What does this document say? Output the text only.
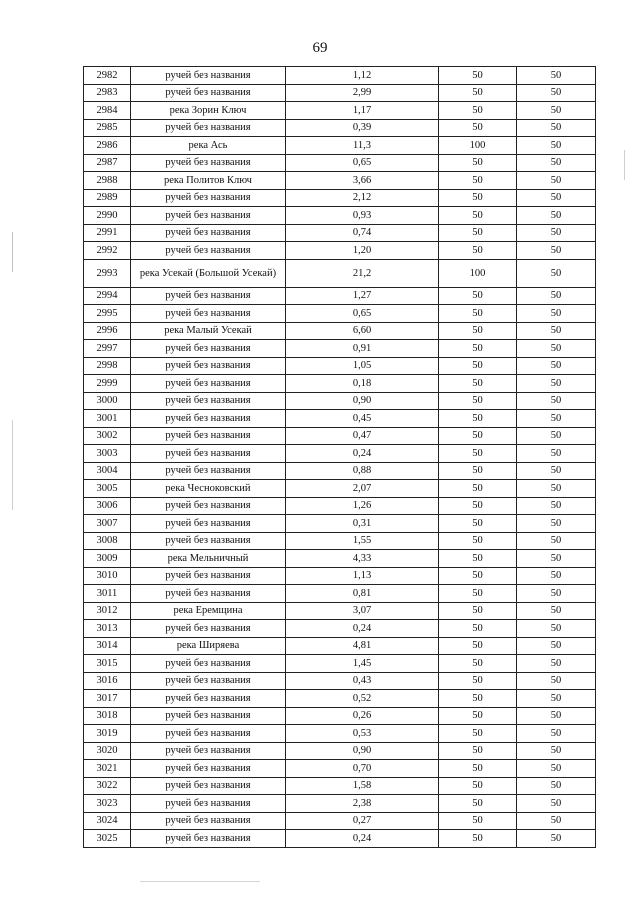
69
2982	ручей без названия	1,12	50	50
2983	ручей без названия	2,99	50	50
2984	река Зорин Ключ	1,17	50	50
2985	ручей без названия	0,39	50	50
2986	река Ась	11,3	100	50
2987	ручей без названия	0,65	50	50
2988	река Политов Ключ	3,66	50	50
2989	ручей без названия	2,12	50	50
2990	ручей без названия	0,93	50	50
2991	ручей без названия	0,74	50	50
2992	ручей без названия	1,20	50	50
2993	река Усекай (Большой Усекай)	21,2	100	50
2994	ручей без названия	1,27	50	50
2995	ручей без названия	0,65	50	50
2996	река Малый Усекай	6,60	50	50
2997	ручей без названия	0,91	50	50
2998	ручей без названия	1,05	50	50
2999	ручей без названия	0,18	50	50
3000	ручей без названия	0,90	50	50
3001	ручей без названия	0,45	50	50
3002	ручей без названия	0,47	50	50
3003	ручей без названия	0,24	50	50
3004	ручей без названия	0,88	50	50
3005	река Чесноковский	2,07	50	50
3006	ручей без названия	1,26	50	50
3007	ручей без названия	0,31	50	50
3008	ручей без названия	1,55	50	50
3009	река Мельничный	4,33	50	50
3010	ручей без названия	1,13	50	50
3011	ручей без названия	0,81	50	50
3012	река Еремщина	3,07	50	50
3013	ручей без названия	0,24	50	50
3014	река Ширяева	4,81	50	50
3015	ручей без названия	1,45	50	50
3016	ручей без названия	0,43	50	50
3017	ручей без названия	0,52	50	50
3018	ручей без названия	0,26	50	50
3019	ручей без названия	0,53	50	50
3020	ручей без названия	0,90	50	50
3021	ручей без названия	0,70	50	50
3022	ручей без названия	1,58	50	50
3023	ручей без названия	2,38	50	50
3024	ручей без названия	0,27	50	50
3025	ручей без названия	0,24	50	50
